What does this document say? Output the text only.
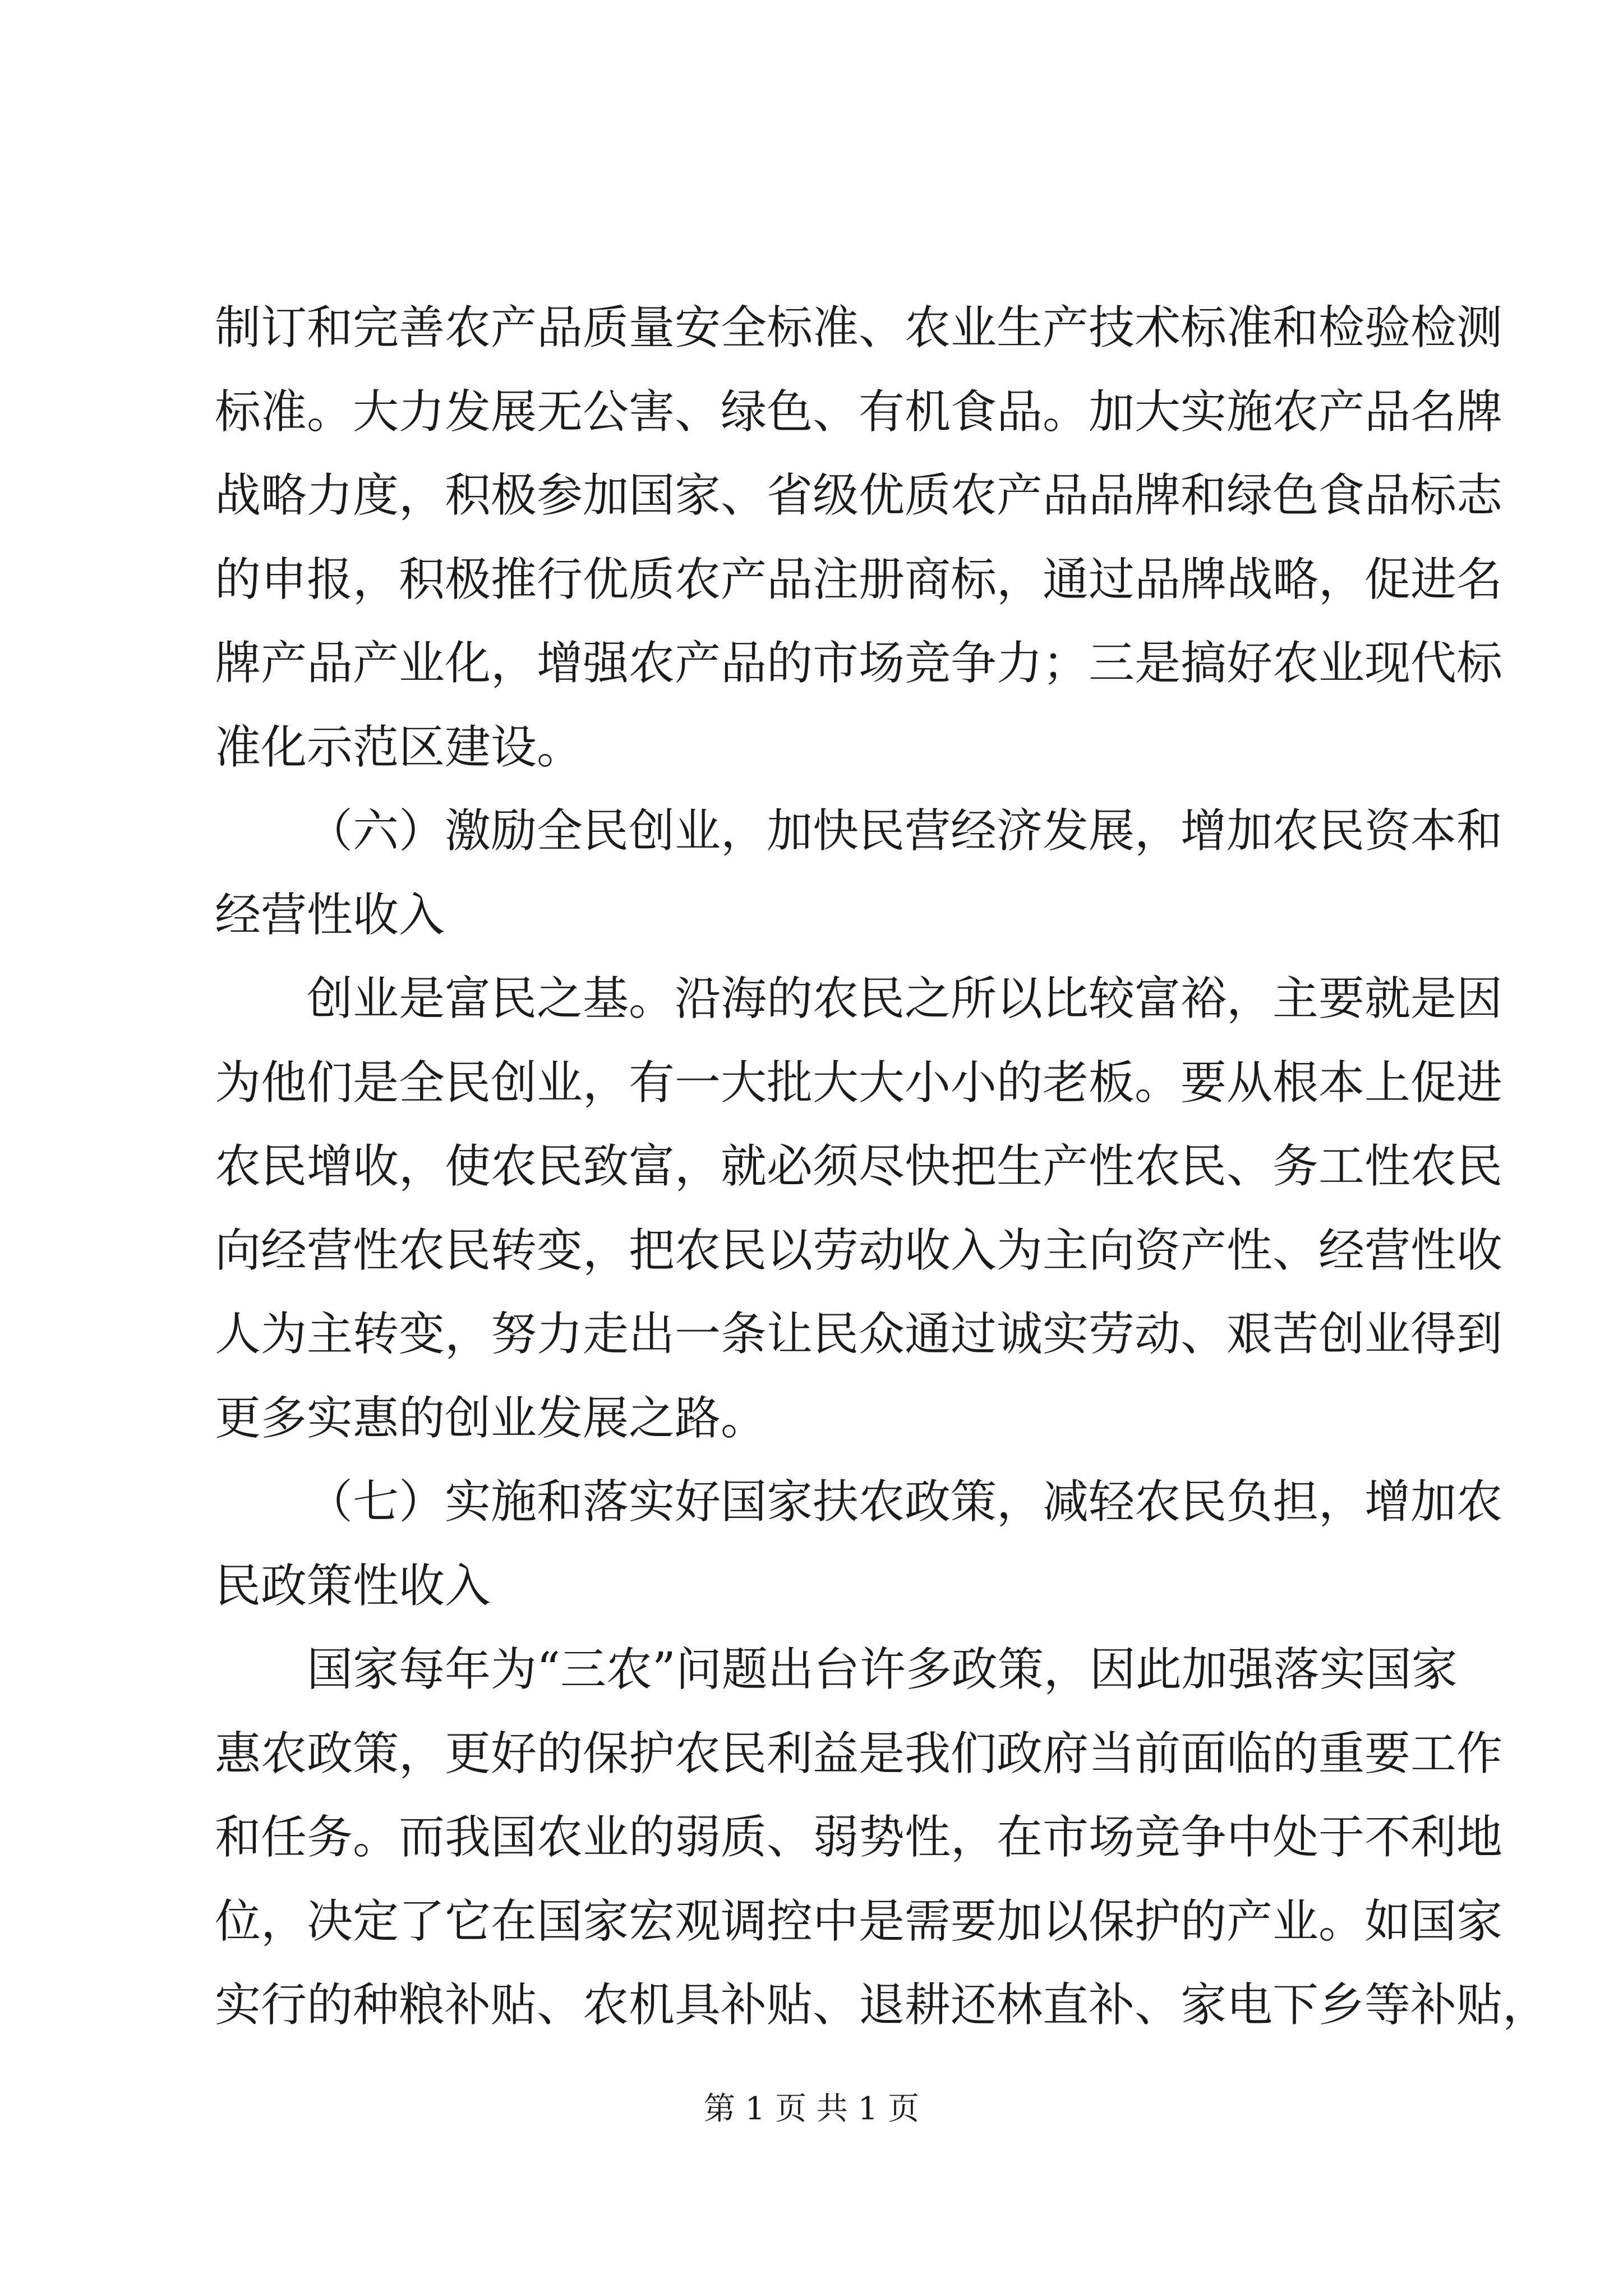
制订和完善农产品质量安全标准、农业生产技术标准和检验检测
标准。大力发展无公害、绿色、有机食品。加大实施农产品名牌
战略力度，积极参加国家、省级优质农产品品牌和绿色食品标志
的申报，积极推行优质农产品注册商标，通过品牌战略，促进名
牌产品产业化，增强农产品的市场竞争力；三是搞好农业现代标
准化示范区建设。
（六）激励全民创业，加快民营经济发展，增加农民资本和
经营性收入
创业是富民之基。沿海的农民之所以比较富裕，主要就是因
为他们是全民创业，有一大批大大小小的老板。要从根本上促进
农民增收，使农民致富，就必须尽快把生产性农民、务工性农民
向经营性农民转变，把农民以劳动收入为主向资产性、经营性收
人为主转变，努力走出一条让民众通过诚实劳动、艰苦创业得到
更多实惠的创业发展之路。
（七）实施和落实好国家扶农政策，减轻农民负担，增加农
民政策性收入
国家每年为“三农”问题出台许多政策，因此加强落实国家
惠农政策，更好的保护农民利益是我们政府当前面临的重要工作
和任务。而我国农业的弱质、弱势性，在市场竞争中处于不利地
位，决定了它在国家宏观调控中是需要加以保护的产业。如国家
实行的种粮补贴、农机具补贴、退耕还林直补、家电下乡等补贴，
第 1 页 共 1 页
